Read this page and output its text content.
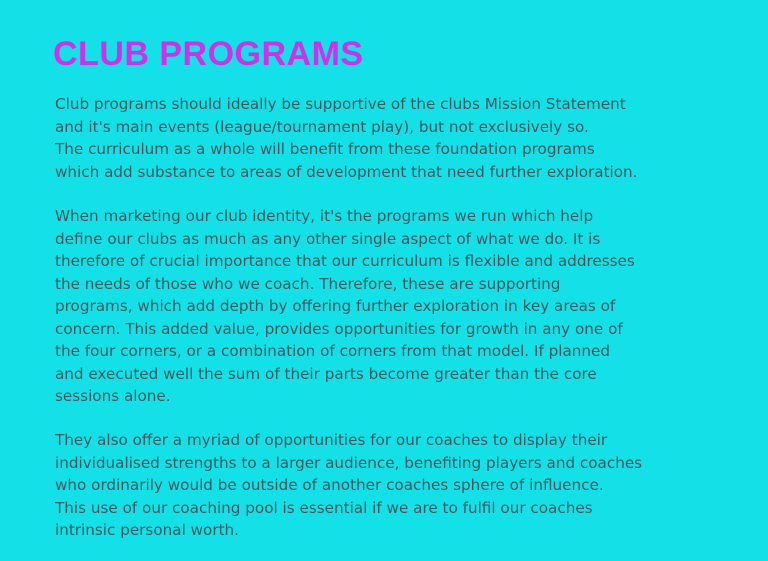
CLUB PROGRAMS

Club programs should ideally be supportive of the clubs Mission Statement
and it's main events (league/tournament play), but not exclusively so.
The curriculum as a whole will benefit from these foundation programs
which add substance to areas of development that need further exploration.

When marketing our club identity, it's the programs we run which help
define our clubs as much as any other single aspect of what we do. It is
therefore of crucial importance that our curriculum is flexible and addresses
the needs of those who we coach. Therefore, these are supporting
programs, which add depth by offering further exploration in key areas of
concern. This added value, provides opportunities for growth in any one of
the four corners, or a combination of corners from that model. If planned
and executed well the sum of their parts become greater than the core
sessions alone.

They also offer a myriad of opportunities for our coaches to display their
individualised strengths to a larger audience, benefiting players and coaches
who ordinarily would be outside of another coaches sphere of influence.
This use of our coaching pool is essential if we are to fulfil our coaches
intrinsic personal worth.
